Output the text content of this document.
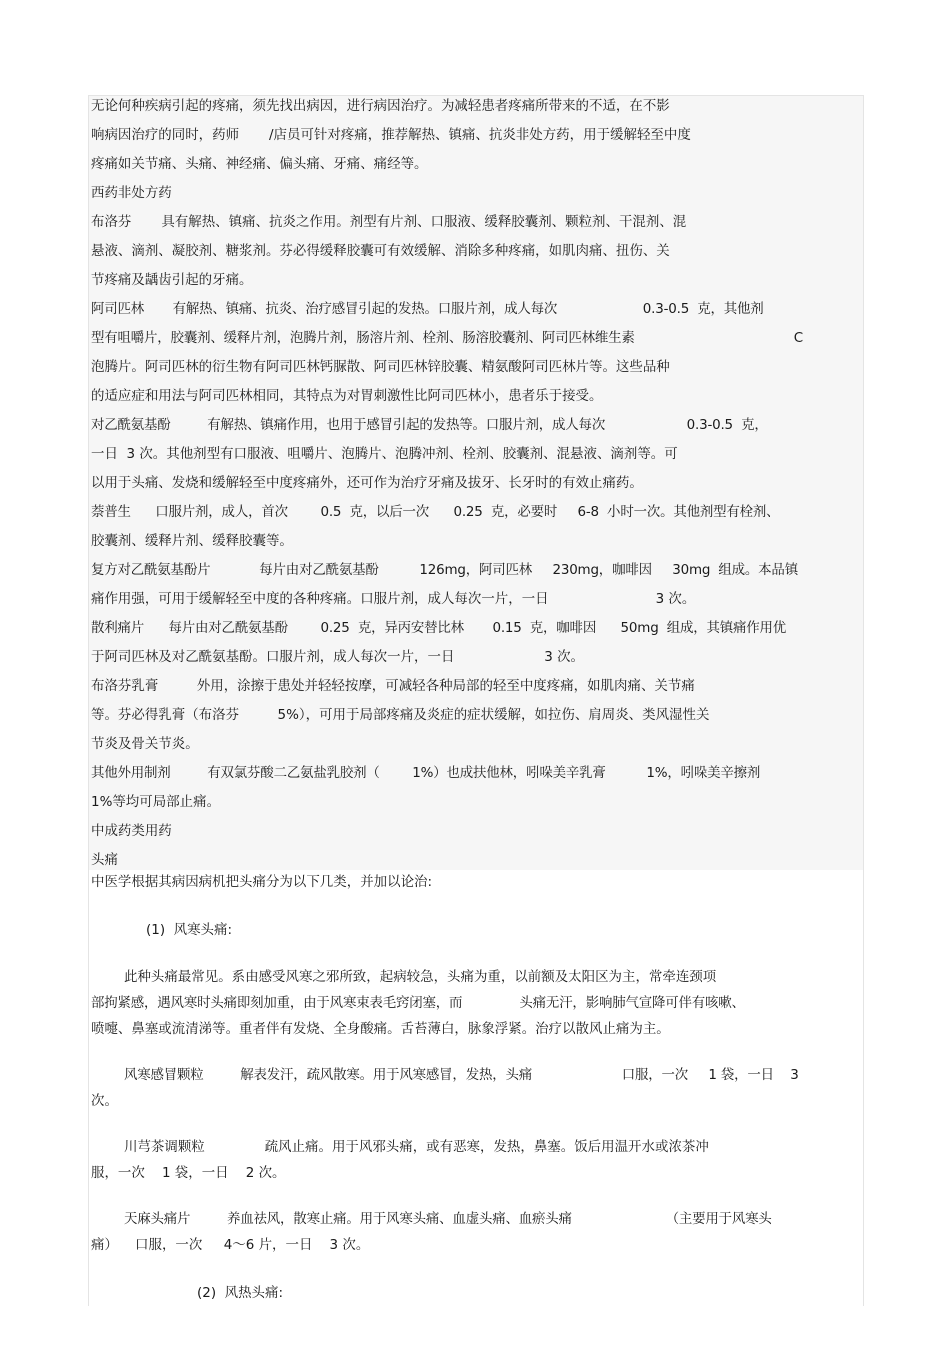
无论何种疾病引起的疼痛，须先找出病因，进行病因治疗。为减轻患者疼痛所带来的不适，在不影
响病因治疗的同时，药师       /店员可针对疼痛，推荐解热、镇痛、抗炎非处方药，用于缓解轻至中度
疼痛如关节痛、头痛、神经痛、偏头痛、牙痛、痛经等。
西药非处方药
布洛芬       具有解热、镇痛、抗炎之作用。剂型有片剂、口服液、缓释胶囊剂、颗粒剂、干混剂、混
悬液、滴剂、凝胶剂、糖浆剂。芬必得缓释胶囊可有效缓解、消除多种疼痛，如肌肉痛、扭伤、关
节疼痛及龋齿引起的牙痛。
阿司匹林       有解热、镇痛、抗炎、治疗感冒引起的发热。口服片剂，成人每次                     0.3-0.5  克，其他剂
型有咀嚼片，胶囊剂、缓释片剂，泡腾片剂，肠溶片剂、栓剂、肠溶胶囊剂、阿司匹林维生素                                       C
泡腾片。阿司匹林的衍生物有阿司匹林钙脲散、阿司匹林锌胶囊、精氨酸阿司匹林片等。这些品种
的适应症和用法与阿司匹林相同，其特点为对胃刺激性比阿司匹林小，患者乐于接受。
对乙酰氨基酚         有解热、镇痛作用，也用于感冒引起的发热等。口服片剂，成人每次                    0.3-0.5  克，
一日  3 次。其他剂型有口服液、咀嚼片、泡腾片、泡腾冲剂、栓剂、胶囊剂、混悬液、滴剂等。可
以用于头痛、发烧和缓解轻至中度疼痛外，还可作为治疗牙痛及拔牙、长牙时的有效止痛药。
萘普生      口服片剂，成人，首次        0.5  克，以后一次      0.25  克，必要时     6-8  小时一次。其他剂型有栓剂、
胶囊剂、缓释片剂、缓释胶囊等。
复方对乙酰氨基酚片            每片由对乙酰氨基酚          126mg，阿司匹林     230mg，咖啡因     30mg  组成。本品镇
痛作用强，可用于缓解轻至中度的各种疼痛。口服片剂，成人每次一片，一日                         3 次。
散利痛片      每片由对乙酰氨基酚        0.25  克，异丙安替比林       0.15  克，咖啡因      50mg  组成，其镇痛作用优
于阿司匹林及对乙酰氨基酚。口服片剂，成人每次一片，一日                     3 次。
布洛芬乳膏         外用，涂擦于患处并轻轻按摩，可减轻各种局部的轻至中度疼痛，如肌肉痛、关节痛
等。芬必得乳膏（布洛芬         5%），可用于局部疼痛及炎症的症状缓解，如拉伤、肩周炎、类风湿性关
节炎及骨关节炎。
其他外用制剂         有双氯芬酸二乙氨盐乳胶剂（        1%）也成扶他林，吲哚美辛乳膏          1%，吲哚美辛擦剂
1%等均可局部止痛。
中成药类用药
头痛
中医学根据其病因病机把头痛分为以下几类，并加以论治:
(1)  风寒头痛:
此种头痛最常见。系由感受风寒之邪所致，起病较急，头痛为重，以前额及太阳区为主，常牵连颈项
部拘紧感，遇风寒时头痛即刻加重，由于风寒束表毛窍闭塞，而              头痛无汗，影响肺气宣降可伴有咳嗽、
喷嚏、鼻塞或流清涕等。重者伴有发烧、全身酸痛。舌苔薄白，脉象浮紧。治疗以散风止痛为主。
风寒感冒颗粒         解表发汗，疏风散寒。用于风寒感冒，发热，头痛                      口服，一次     1 袋，一日    3
次。
川芎茶调颗粒              疏风止痛。用于风邪头痛，或有恶寒，发热，鼻塞。饭后用温开水或浓茶冲
服，一次    1 袋，一日    2 次。
天麻头痛片         养血祛风，散寒止痛。用于风寒头痛、血虚头痛、血瘀头痛                       （主要用于风寒头
痛）    口服，一次     4～6 片，一日    3 次。
(2)  风热头痛:
